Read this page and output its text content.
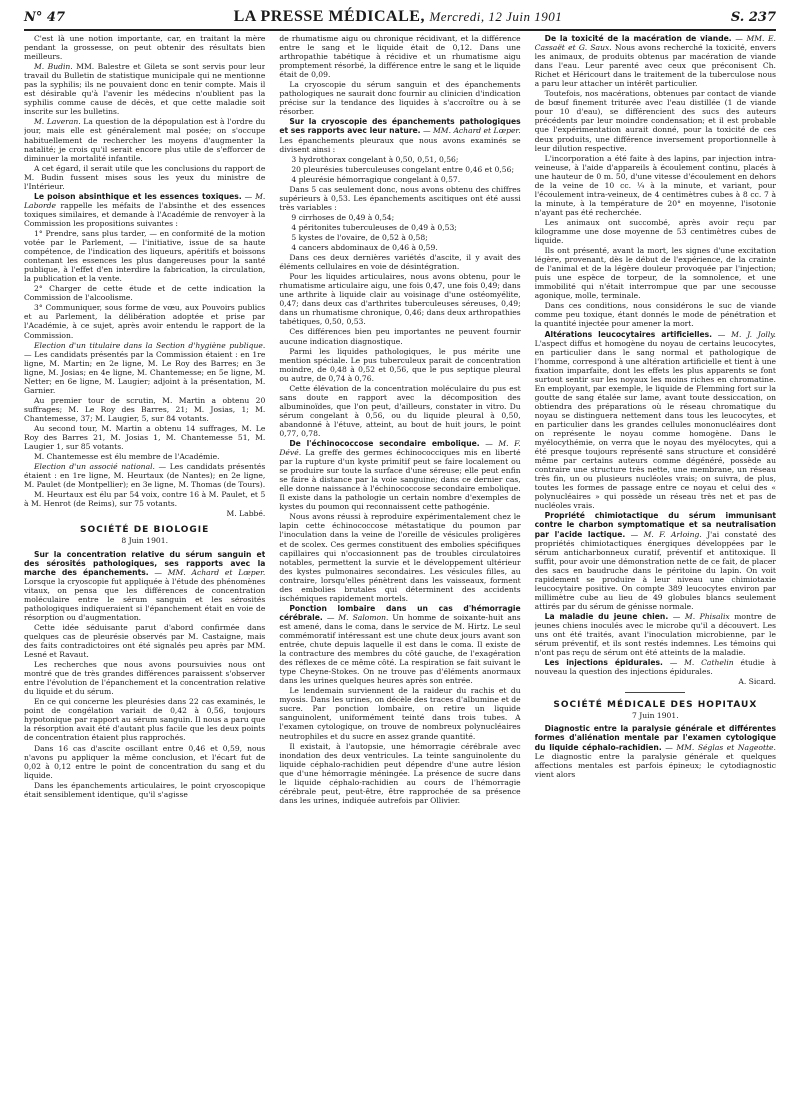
N° 47	LA PRESSE MÉDICALE, Mercredi, 12 Juin 1901	S. 237

C'est là une notion importante, car, en traitant la mère pendant la grossesse, on peut obtenir des résultats bien meilleurs.

M. Budin. MM. Balestre et Gileta se sont servis pour leur travail du Bulletin de statistique municipale qui ne mentionne pas la syphilis; ils ne pouvaient donc en tenir compte. Mais il est désirable qu'à l'avenir les médecins n'oublient pas la syphilis comme cause de décès, et que cette maladie soit inscrite sur les bulletins.

M. Laveran. La question de la dépopulation est à l'ordre du jour, mais elle est généralement mal posée; on s'occupe habituellement de rechercher les moyens d'augmenter la natalité; je crois qu'il serait encore plus utile de s'efforcer de diminuer la mortalité infantile.

A cet égard, il serait utile que les conclusions du rapport de M. Budin fussent mises sous les yeux du ministre de l'Intérieur.

Le poison absinthique et les essences toxiques. — M. Laborde rappelle les méfaits de l'absinthe et des essences toxiques similaires, et demande à l'Académie de renvoyer à la Commission les propositions suivantes :

1° Prendre, sans plus tarder, — en conformité de la motion votée par le Parlement, — l'initiative, issue de sa haute compétence, de l'indication des liqueurs, apéritifs et boissons contenant les essences les plus dangereuses pour la santé publique, à l'effet d'en interdire la fabrication, la circulation, la publication et la vente.

2° Charger de cette étude et de cette indication la Commission de l'alcoolisme.

3° Communiquer, sous forme de vœu, aux Pouvoirs publics et au Parlement, la délibération adoptée et prise par l'Académie, à ce sujet, après avoir entendu le rapport de la Commission.

Election d'un titulaire dans la Section d'hygiène publique. — Les candidats présentés par la Commission étaient : en 1re ligne, M. Martin; en 2e ligne, M. Le Roy des Barres; en 3e ligne, M. Josias; en 4e ligne, M. Chantemesse; en 5e ligne, M. Netter; en 6e ligne, M. Laugier; adjoint à la présentation, M. Garnier.

Au premier tour de scrutin, M. Martin a obtenu 20 suffrages; M. Le Roy des Barres, 21; M. Josias, 1; M. Chantemesse, 37; M. Laugier, 5, sur 84 votants.

Au second tour, M. Martin a obtenu 14 suffrages, M. Le Roy des Barres 21, M. Josias 1, M. Chantemesse 51, M. Laugier 1, sur 85 votants.

M. Chantemesse est élu membre de l'Académie.

Election d'un associé national. — Les candidats présentés étaient : en 1re ligne, M. Heurtaux (de Nantes); en 2e ligne, M. Paulet (de Montpellier); en 3e ligne, M. Thomas (de Tours).

M. Heurtaux est élu par 54 voix, contre 16 à M. Paulet, et 5 à M. Henrot (de Reims), sur 75 votants.

M. Labbé.
SOCIÉTÉ DE BIOLOGIE
8 Juin 1901.

Sur la concentration relative du sérum sanguin et des sérosités pathologiques, ses rapports avec la marche des épanchements. — MM. Achard et Lœper. Lorsque la cryoscopie fut appliquée à l'étude des phénomènes vitaux, on pensa que les différences de concentration moléculaire entre le sérum sanguin et les sérosités pathologiques indiqueraient si l'épanchement était en voie de résorption ou d'augmentation.

Cette idée séduisante parut d'abord confirmée dans quelques cas de pleurésie observés par M. Castaigne, mais des faits contradictoires ont été signalés peu après par MM. Lesné et Ravaut.

Les recherches que nous avons poursuivies nous ont montré que de très grandes différences paraissent s'observer entre l'évolution de l'épanchement et la concentration relative du liquide et du sérum.

En ce qui concerne les pleurésies dans 22 cas examinés, le point de congélation variait de 0,42 à 0,56, toujours hypotonique par rapport au sérum sanguin. Il nous a paru que la résorption avait été d'autant plus facile que les deux points de concentration étaient plus rapprochés.

Dans 16 cas d'ascite oscillant entre 0,46 et 0,59, nous n'avons pu appliquer la même conclusion, et l'écart fut de 0,02 à 0,12 entre le point de concentration du sang et du liquide.

Dans les épanchements articulaires, le point cryoscopique était sensiblement identique, qu'il s'agisse

de rhumatisme aigu ou chronique récidivant, et la différence entre le sang et le liquide était de 0,12. Dans une arthropathie tabétique à récidive et un rhumatisme aigu promptement résorbé, la différence entre le sang et le liquide était de 0,09.

La cryoscopie du sérum sanguin et des épanchements pathologiques ne saurait donc fournir au clinicien d'indication précise sur la tendance des liquides à s'accroître ou à se résorber.

Sur la cryoscopie des épanchements pathologiques et ses rapports avec leur nature. — MM. Achard et Lœper. Les épanchements pleuraux que nous avons examinés se divisent ainsi :

3 hydrothorax congelant à 0,50, 0,51, 0,56;

20 pleurésies tuberculeuses congelant entre 0,46 et 0,56;

4 pleurésie hémorragique congelant à 0,57.

Dans 5 cas seulement donc, nous avons obtenu des chiffres supérieurs à 0,53. Les épanchements ascitiques ont été aussi très variables :

9 cirrhoses de 0,49 à 0,54;

4 péritonites tuberculeuses de 0,49 à 0,53;

5 kystes de l'ovaire, de 0,52 à 0,58;

4 cancers abdominaux de 0,46 à 0,59.

Dans ces deux dernières variétés d'ascite, il y avait des éléments cellulaires en voie de désintégration.

Pour les liquides articulaires, nous avons obtenu, pour le rhumatisme articulaire aigu, une fois 0,47, une fois 0,49; dans une arthrite à liquide clair au voisinage d'une ostéomyélite, 0,47; dans deux cas d'arthrites tuberculeuses séreuses, 0,49; dans un rhumatisme chronique, 0,46; dans deux arthropathies tabétiques, 0,50, 0,53.

Ces différences bien peu importantes ne peuvent fournir aucune indication diagnostique.

Parmi les liquides pathologiques, le pus mérite une mention spéciale. Le pus tuberculeux parait de concentration moindre, de 0,48 à 0,52 et 0,56, que le pus septique pleural ou autre, de 0,74 à 0,76.

Cette élévation de la concentration moléculaire du pus est sans doute en rapport avec la décomposition des albuminoïdes, que l'on peut, d'ailleurs, constater in vitro. Du sérum congelant à 0,56, ou du liquide pleural à 0,50, abandonné à l'étuve, atteint, au bout de huit jours, le point 0,77, 0,78.

De l'échinococcose secondaire embolique. — M. F. Dévé. La greffe des germes échinococciques mis en liberté par la rupture d'un kyste primitif peut se faire localement ou se produire sur toute la surface d'une séreuse; elle peut enfin se faire à distance par la voie sanguine; dans ce dernier cas, elle donne naissance à l'échinococcose secondaire embolique. Il existe dans la pathologie un certain nombre d'exemples de kystes du poumon qui reconnaissent cette pathogénie.

Nous avons réussi à reproduire expérimentalement chez le lapin cette échinococcose métastatique du poumon par l'inoculation dans la veine de l'oreille de vésicules proligères et de scolex. Ces germes constituent des embolies spécifiques capillaires qui n'occasionnent pas de troubles circulatoires notables, permettent la survie et le développement ultérieur des kystes pulmonaires secondaires. Les vésicules filles, au contraire, lorsqu'elles pénètrent dans les vaisseaux, forment des embolies brutales qui déterminent des accidents ischémiques rapidement mortels.

Ponction lombaire dans un cas d'hémorragie cérébrale. — M. Salomon. Un homme de soixante-huit ans est amené, dans le coma, dans le service de M. Hirtz. Le seul commémoratif intéressant est une chute deux jours avant son entrée, chute depuis laquelle il est dans le coma. Il existe de la contracture des membres du côté gauche, de l'exagération des réflexes de ce même côté. La respiration se fait suivant le type Cheyne-Stokes. On ne trouve pas d'éléments anormaux dans les urines quelques heures après son entrée.

Le lendemain surviennent de la raideur du rachis et du myosis. Dans les urines, on décèle des traces d'albumine et de sucre. Par ponction lombaire, on retire un liquide sanguinolent, uniformément teinté dans trois tubes. A l'examen cytologique, on trouve de nombreux polynucléaires neutrophiles et du sucre en assez grande quantité.

Il existait, à l'autopsie, une hémorragie cérébrale avec inondation des deux ventricules. La teinte sanguinolente du liquide céphalo-rachidien peut dépendre d'une autre lésion que d'une hémorragie méningée. La présence de sucre dans le liquide céphalo-rachidien au cours de l'hémorragie cérébrale peut, peut-être, être rapprochée de sa présence dans les urines, indiquée autrefois par Ollivier.

De la toxicité de la macération de viande. — MM. E. Cassaët et G. Saux. Nous avons recherché la toxicité, envers les animaux, de produits obtenus par macération de viande dans l'eau. Leur parenté avec ceux que préconisent Ch. Richet et Héricourt dans le traitement de la tuberculose nous a paru leur attacher un intérêt particulier.

Toutefois, nos macérations, obtenues par contact de viande de bœuf finement triturée avec l'eau distillée (1 de viande pour 10 d'eau), se différencient des sucs des auteurs précédents par leur moindre condensation; et il est probable que l'expérimentation aurait donné, pour la toxicité de ces deux produits, une différence inversement proportionnelle à leur dilution respective.

L'incorporation a été faite à des lapins, par injection intra-veineuse, à l'aide d'appareils à écoulement continu, placés à une hauteur de 0 m. 50, d'une vitesse d'écoulement en dehors de la veine de 10 cc. ¼ à la minute, et variant, pour l'écoulement intra-veineux, de 4 centimètres cubes à 8 cc. 7 à la minute, à la température de 20° en moyenne, l'isotonie n'ayant pas été recherchée.

Les animaux ont succombé, après avoir reçu par kilogramme une dose moyenne de 53 centimètres cubes de liquide.

Ils ont présenté, avant la mort, les signes d'une excitation légère, provenant, dès le début de l'expérience, de la crainte de l'animal et de la légère douleur provoquée par l'injection; puis une espèce de torpeur, de la somnolence, et une immobilité qui n'était interrompue que par une secousse agonique, molle, terminale.

Dans ces conditions, nous considérons le suc de viande comme peu toxique, étant donnés le mode de pénétration et la quantité injectée pour amener la mort.

Altérations leucocytaires artificielles. — M. J. Jolly. L'aspect diffus et homogène du noyau de certains leucocytes, en particulier dans le sang normal et pathologique de l'homme, correspond à une altération artificielle et tient à une fixation imparfaite, dont les effets les plus apparents se font surtout sentir sur les noyaux les moins riches en chromatine. En employant, par exemple, le liquide de Flemming fort sur la goutte de sang étalée sur lame, avant toute dessiccation, on obtiendra des préparations où le réseau chromatique du noyau se distinguera nettement dans tous les leucocytes, et en particulier dans les grandes cellules mononucléaires dont on représente le noyau comme homogène. Dans le myélocythémie, on verra que le noyau des myélocytes, qui a été presque toujours représenté sans structure et considéré même par certains auteurs comme dégénéré, possède au contraire une structure très nette, une membrane, un réseau très fin, un ou plusieurs nucléoles vrais; on suivra, de plus, toutes les formes de passage entre ce noyau et celui des « polynucléaires » qui possède un réseau très net et pas de nucléoles vrais.

Propriété chimiotactique du sérum immunisant contre le charbon symptomatique et sa neutralisation par l'acide lactique. — M. F. Arloing. J'ai constaté des propriétés chimiotactiques énergiques développées par le sérum anticharbonneux curatif, préventif et antitoxique. Il suffit, pour avoir une démonstration nette de ce fait, de placer des sacs en baudruche dans le péritoine du lapin. On voit rapidement se produire à leur niveau une chimiotaxie leucocytaire positive. On compte 389 leucocytes environ par millimètre cube au lieu de 49 globules blancs seulement attirés par du sérum de génisse normale.

La maladie du jeune chien. — M. Phisalix montre de jeunes chiens inoculés avec le microbe qu'il a découvert. Les uns ont été traités, avant l'inoculation microbienne, par le sérum préventif, et ils sont restés indemnes. Les témoins qui n'ont pas reçu de sérum ont été atteints de la maladie.

Les injections épidurales. — M. Cathelin étudie à nouveau la question des injections épidurales.

A. Sicard.
SOCIÉTÉ MÉDICALE DES HOPITAUX
7 Juin 1901.

Diagnostic entre la paralysie générale et différentes formes d'aliénation mentale par l'examen cytologique du liquide céphalo-rachidien. — MM. Séglas et Nageotte. Le diagnostic entre la paralysie générale et quelques affections mentales est parfois épineux; le cytodiagnostic vient alors
